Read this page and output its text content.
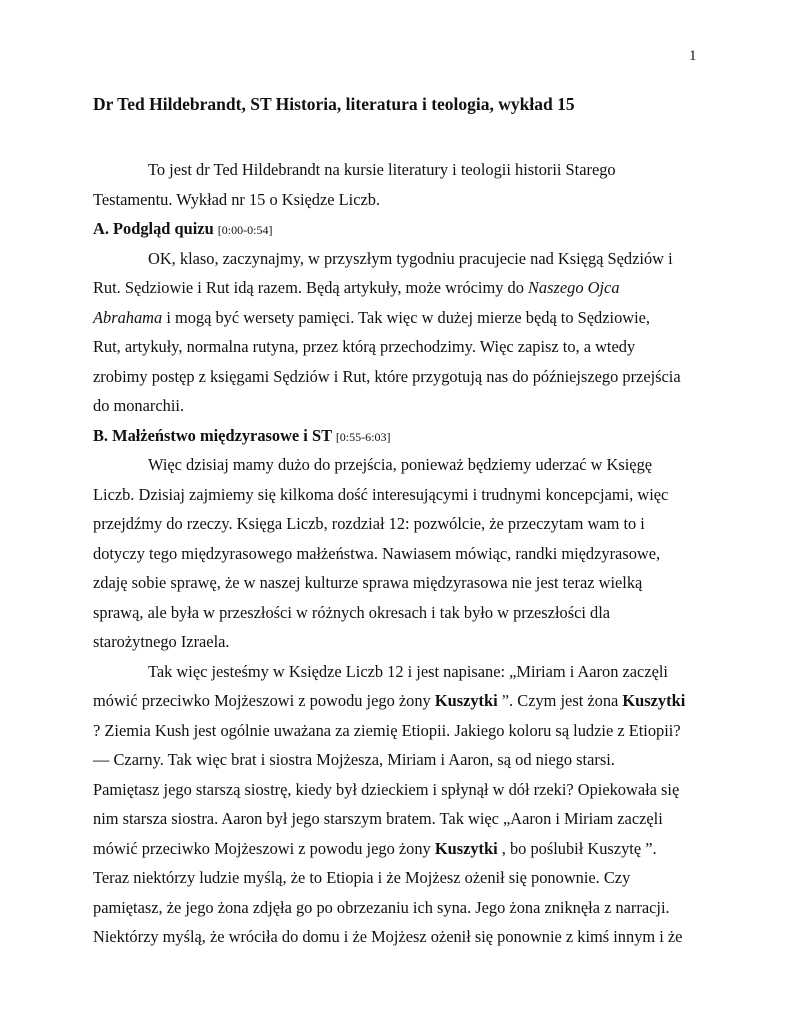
1
Dr Ted Hildebrandt, ST Historia, literatura i teologia, wykład 15
To jest dr Ted Hildebrandt na kursie literatury i teologii historii Starego
Testamentu. Wykład nr 15 o Księdze Liczb.
A. Podgląd quizu [0:00-0:54]
OK, klaso, zaczynajmy, w przyszłym tygodniu pracujecie nad Księgą Sędziów i
Rut. Sędziowie i Rut idą razem. Będą artykuły, może wrócimy do Naszego Ojca
Abrahama i mogą być wersety pamięci. Tak więc w dużej mierze będą to Sędziowie,
Rut, artykuły, normalna rutyna, przez którą przechodzimy. Więc zapisz to, a wtedy
zrobimy postęp z księgami Sędziów i Rut, które przygotują nas do późniejszego przejścia
do monarchii.
B. Małżeństwo międzyrasowe i ST [0:55-6:03]
Więc dzisiaj mamy dużo do przejścia, ponieważ będziemy uderzać w Księgę
Liczb. Dzisiaj zajmiemy się kilkoma dość interesującymi i trudnymi koncepcjami, więc
przejdźmy do rzeczy. Księga Liczb, rozdział 12: pozwólcie, że przeczytam wam to i
dotyczy tego międzyrasowego małżeństwa. Nawiasem mówiąc, randki międzyrasowe,
zdaję sobie sprawę, że w naszej kulturze sprawa międzyrasowa nie jest teraz wielką
sprawą, ale była w przeszłości w różnych okresach i tak było w przeszłości dla
starożytnego Izraela.
Tak więc jesteśmy w Księdze Liczb 12 i jest napisane: „Miriam i Aaron zaczęli
mówić przeciwko Mojżeszowi z powodu jego żony Kuszytki ”. Czym jest żona Kuszytki
? Ziemia Kush jest ogólnie uważana za ziemię Etiopii. Jakiego koloru są ludzie z Etiopii?
— Czarny. Tak więc brat i siostra Mojżesza, Miriam i Aaron, są od niego starsi.
Pamiętasz jego starszą siostrę, kiedy był dzieckiem i spłynął w dół rzeki? Opiekowała się
nim starsza siostra. Aaron był jego starszym bratem. Tak więc „Aaron i Miriam zaczęli
mówić przeciwko Mojżeszowi z powodu jego żony Kuszytki , bo poślubił Kuszytę ”.
Teraz niektórzy ludzie myślą, że to Etiopia i że Mojżesz ożenił się ponownie. Czy
pamiętasz, że jego żona zdjęła go po obrzezaniu ich syna. Jego żona zniknęła z narracji.
Niektórzy myślą, że wróciła do domu i że Mojżesz ożenił się ponownie z kimś innym i że
